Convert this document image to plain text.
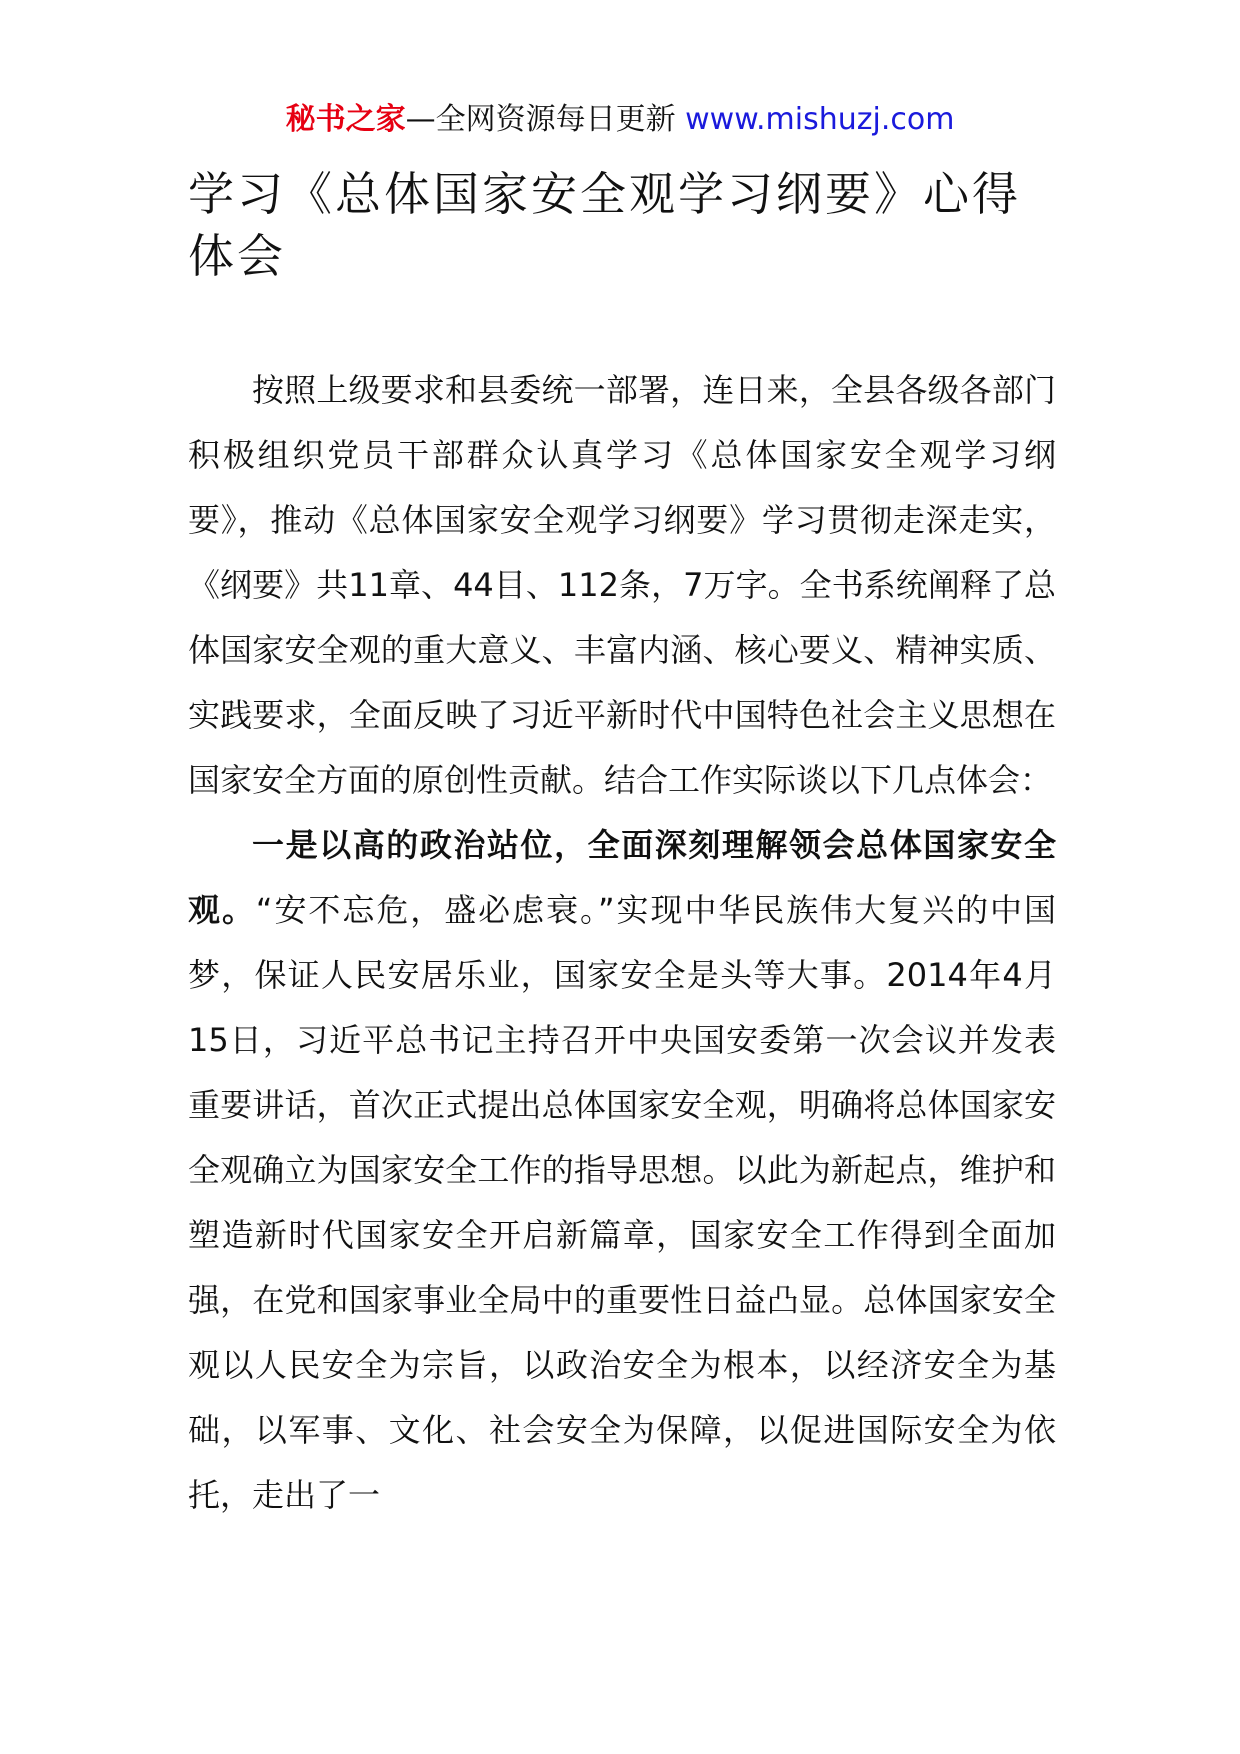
秘书之家—全网资源每日更新 www.mishuzj.com
学习《总体国家安全观学习纲要》心得体会

按照上级要求和县委统一部署，连日来，全县各级各部门积极组织党员干部群众认真学习《总体国家安全观学习纲要》，推动《总体国家安全观学习纲要》学习贯彻走深走实，《纲要》共11章、44目、112条，7万字。全书系统阐释了总体国家安全观的重大意义、丰富内涵、核心要义、精神实质、实践要求，全面反映了习近平新时代中国特色社会主义思想在国家安全方面的原创性贡献。结合工作实际谈以下几点体会：

一是以高的政治站位，全面深刻理解领会总体国家安全观。“安不忘危，盛必虑衰。”实现中华民族伟大复兴的中国梦，保证人民安居乐业，国家安全是头等大事。2014年4月15日，习近平总书记主持召开中央国安委第一次会议并发表重要讲话，首次正式提出总体国家安全观，明确将总体国家安全观确立为国家安全工作的指导思想。以此为新起点，维护和塑造新时代国家安全开启新篇章，国家安全工作得到全面加强，在党和国家事业全局中的重要性日益凸显。总体国家安全观以人民安全为宗旨，以政治安全为根本，以经济安全为基础，以军事、文化、社会安全为保障，以促进国际安全为依托，走出了一
